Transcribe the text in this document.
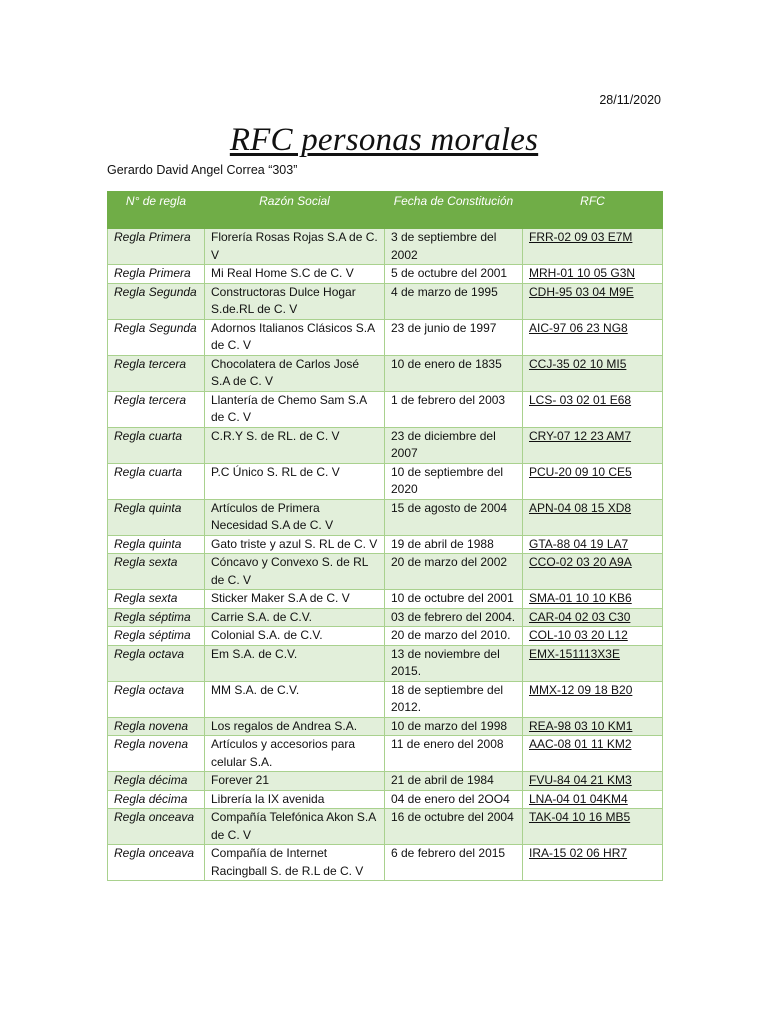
28/11/2020
RFC personas morales
Gerardo David Angel Correa “303”
N° de regla	Razón Social	Fecha de Constitución	RFC
Regla Primera	Florería Rosas Rojas S.A de C. V	3 de septiembre del 2002	FRR-02 09 03 E7M
Regla Primera	Mi Real Home S.C de C. V	5 de octubre del 2001	MRH-01 10 05 G3N
Regla Segunda	Constructoras Dulce Hogar S.de.RL de C. V	4 de marzo de 1995	CDH-95 03 04 M9E
Regla Segunda	Adornos Italianos Clásicos S.A de C. V	23 de junio de 1997	AIC-97 06 23 NG8
Regla tercera	Chocolatera de Carlos José S.A de C. V	10 de enero de 1835	CCJ-35 02 10 MI5
Regla tercera	Llantería de Chemo Sam S.A de C. V	1 de febrero del 2003	LCS- 03 02 01 E68
Regla cuarta	C.R.Y S. de RL. de C. V	23 de diciembre del 2007	CRY-07 12 23 AM7
Regla cuarta	P.C Único S. RL de C. V	10 de septiembre del 2020	PCU-20 09 10 CE5
Regla quinta	Artículos de Primera Necesidad S.A de C. V	15 de agosto de 2004	APN-04 08 15 XD8
Regla quinta	Gato triste y azul S. RL de C. V	19 de abril de 1988	GTA-88 04 19 LA7
Regla sexta	Cóncavo y Convexo S. de RL de C. V	20 de marzo del 2002	CCO-02 03 20 A9A
Regla sexta	Sticker Maker S.A de C. V	10 de octubre del 2001	SMA-01 10 10 KB6
Regla séptima	Carrie S.A. de C.V.	03 de febrero del 2004.	CAR-04 02 03 C30
Regla séptima	Colonial S.A. de C.V.	20 de marzo del 2010.	COL-10 03 20 L12
Regla octava	Em S.A. de C.V.	13 de noviembre del 2015.	EMX-151113X3E
Regla octava	MM S.A. de C.V.	18 de septiembre del 2012.	MMX-12 09 18 B20
Regla novena	Los regalos de Andrea S.A.	10 de marzo del 1998	REA-98 03 10 KM1
Regla novena	Artículos y accesorios para celular S.A.	11 de enero del 2008	AAC-08 01 11 KM2
Regla décima	Forever 21	21 de abril de 1984	FVU-84 04 21 KM3
Regla décima	Librería la IX avenida	04 de enero del 2OO4	LNA-04 01 04KM4
Regla onceava	Compañía Telefónica Akon S.A de C. V	16 de octubre del 2004	TAK-04 10 16 MB5
Regla onceava	Compañía de Internet Racingball S. de R.L de C. V	6 de febrero del 2015	IRA-15 02 06 HR7
